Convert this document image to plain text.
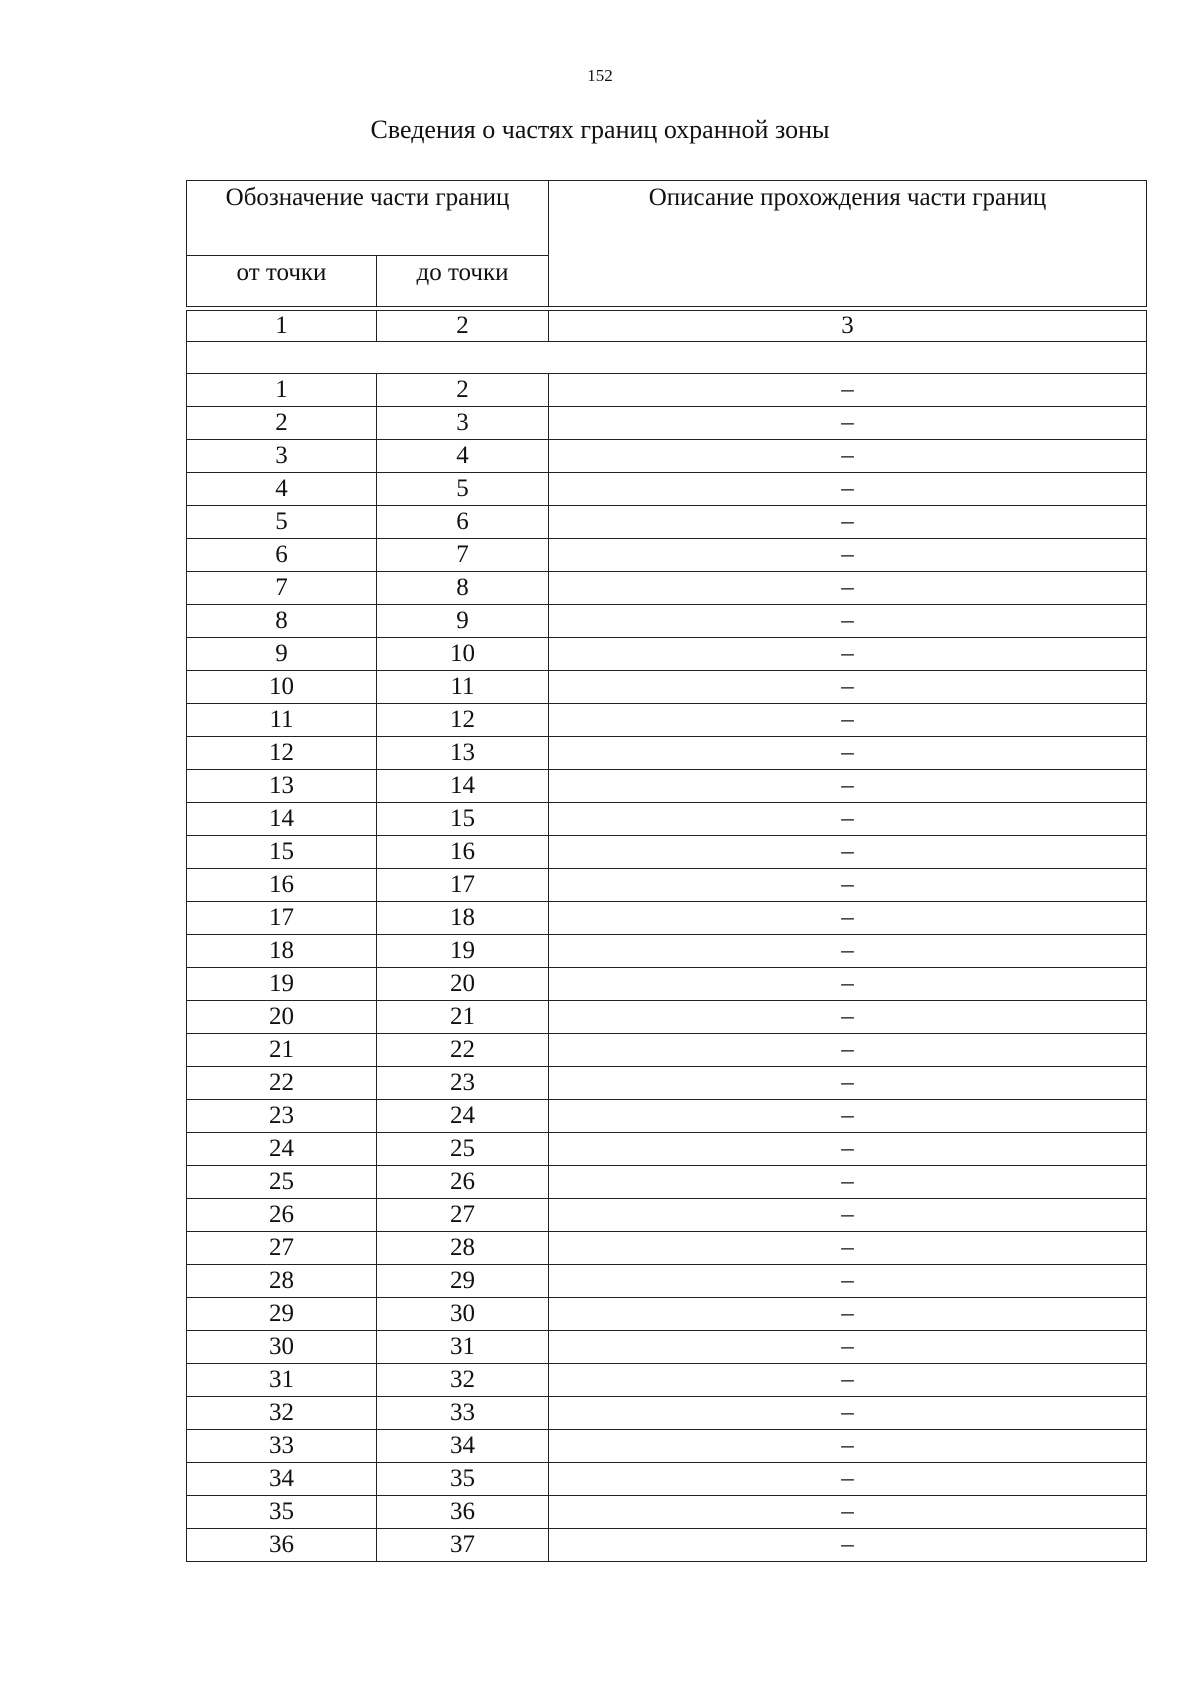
152
Сведения о частях границ охранной зоны
Обозначение части границ		Описание прохождения части границ
от точки	до точки	

1	2	3

1	2	–
2	3	–
3	4	–
4	5	–
5	6	–
6	7	–
7	8	–
8	9	–
9	10	–
10	11	–
11	12	–
12	13	–
13	14	–
14	15	–
15	16	–
16	17	–
17	18	–
18	19	–
19	20	–
20	21	–
21	22	–
22	23	–
23	24	–
24	25	–
25	26	–
26	27	–
27	28	–
28	29	–
29	30	–
30	31	–
31	32	–
32	33	–
33	34	–
34	35	–
35	36	–
36	37	–
